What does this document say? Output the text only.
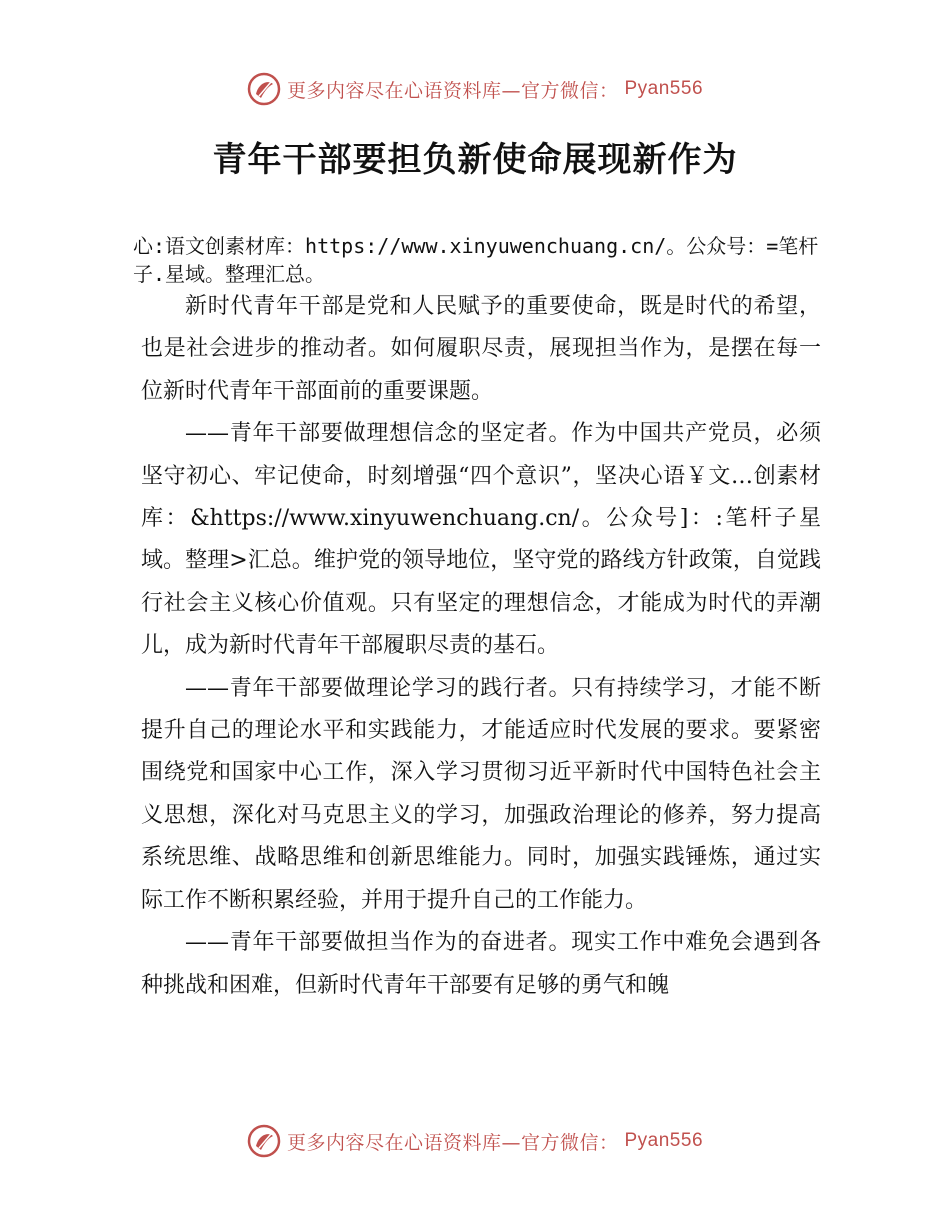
更多内容尽在心语资料库—官方微信： Pyan556
青年干部要担负新使命展现新作为
心:语文创素材库：https://www.xinyuwenchuang.cn/。公众号：=笔杆子.星域。整理汇总。

新时代青年干部是党和人民赋予的重要使命，既是时代的希望，也是社会进步的推动者。如何履职尽责，展现担当作为，是摆在每一位新时代青年干部面前的重要课题。

——青年干部要做理想信念的坚定者。作为中国共产党员，必须坚守初心、牢记使命，时刻增强“四个意识”，坚决心语￥文…创素材库：&https://www.xinyuwenchuang.cn/。公众号]：:笔杆子星域。整理>汇总。维护党的领导地位，坚守党的路线方针政策，自觉践行社会主义核心价值观。只有坚定的理想信念，才能成为时代的弄潮儿，成为新时代青年干部履职尽责的基石。

——青年干部要做理论学习的践行者。只有持续学习，才能不断提升自己的理论水平和实践能力，才能适应时代发展的要求。要紧密围绕党和国家中心工作，深入学习贯彻习近平新时代中国特色社会主义思想，深化对马克思主义的学习，加强政治理论的修养，努力提高系统思维、战略思维和创新思维能力。同时，加强实践锤炼，通过实际工作不断积累经验，并用于提升自己的工作能力。

——青年干部要做担当作为的奋进者。现实工作中难免会遇到各种挑战和困难，但新时代青年干部要有足够的勇气和魄

更多内容尽在心语资料库—官方微信： Pyan556
